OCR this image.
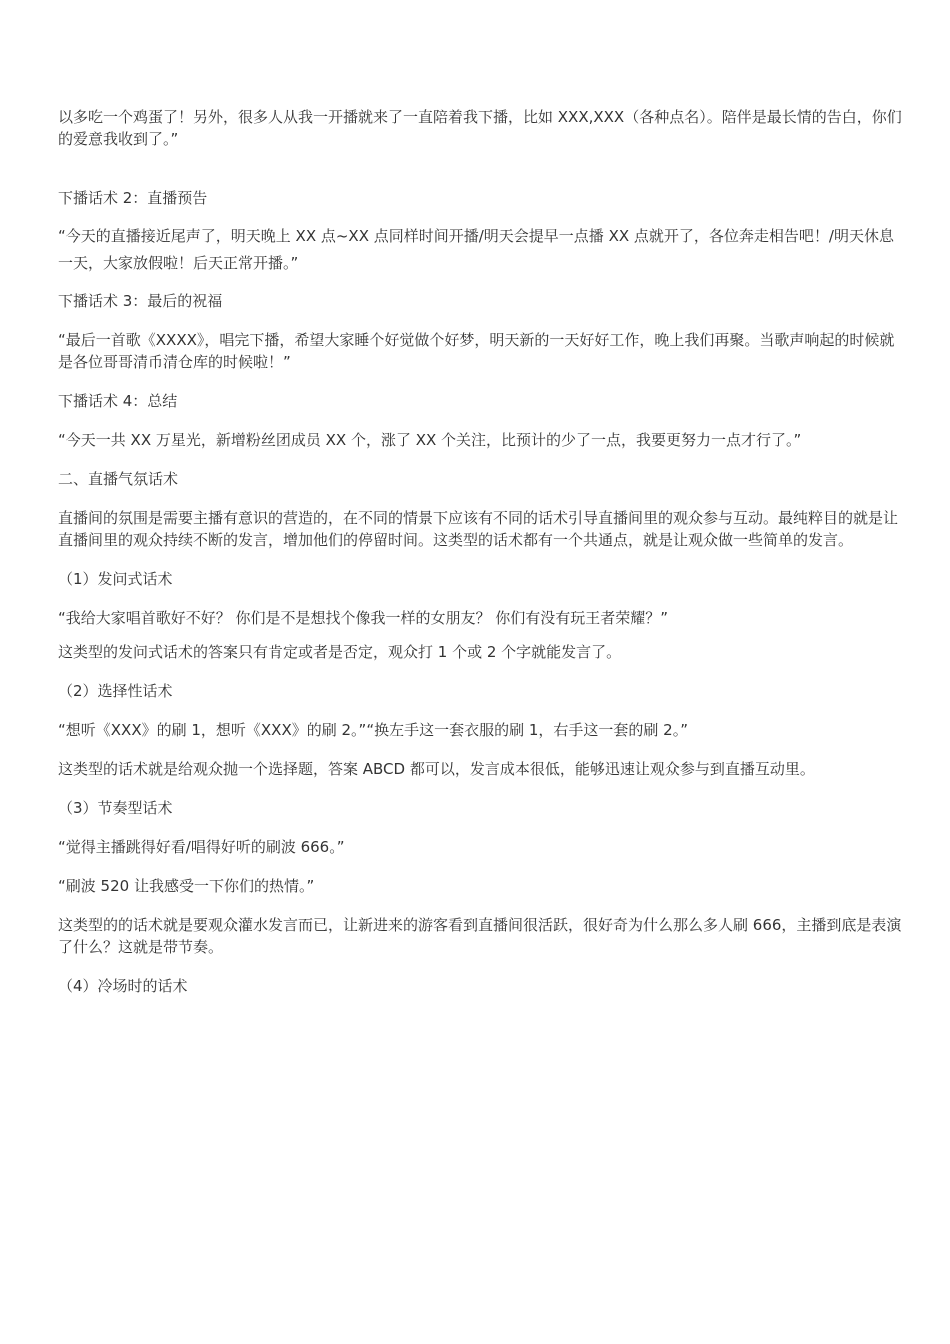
以多吃一个鸡蛋了！另外，很多人从我一开播就来了一直陪着我下播，比如 XXX,XXX（各种点名）。陪伴是最长情的告白，你们的爱意我收到了。”

下播话术 2：直播预告

“今天的直播接近尾声了，明天晚上 XX 点~XX 点同样时间开播/明天会提早一点播 XX 点就开了，各位奔走相告吧！/明天休息一天，大家放假啦！后天正常开播。”

下播话术 3：最后的祝福

“最后一首歌《XXXX》，唱完下播，希望大家睡个好觉做个好梦，明天新的一天好好工作，晚上我们再聚。当歌声响起的时候就是各位哥哥清币清仓库的时候啦！”

下播话术 4：总结

“今天一共 XX 万星光，新增粉丝团成员 XX 个，涨了 XX 个关注，比预计的少了一点，我要更努力一点才行了。”

二、直播气氛话术

直播间的氛围是需要主播有意识的营造的，在不同的情景下应该有不同的话术引导直播间里的观众参与互动。最纯粹目的就是让直播间里的观众持续不断的发言，增加他们的停留时间。这类型的话术都有一个共通点，就是让观众做一些简单的发言。

（1）发问式话术

“我给大家唱首歌好不好？ 你们是不是想找个像我一样的女朋友？ 你们有没有玩王者荣耀？”

这类型的发问式话术的答案只有肯定或者是否定，观众打 1 个或 2 个字就能发言了。

（2）选择性话术

“想听《XXX》的刷 1，想听《XXX》的刷 2。”“换左手这一套衣服的刷 1，右手这一套的刷 2。”

这类型的话术就是给观众抛一个选择题，答案 ABCD 都可以，发言成本很低，能够迅速让观众参与到直播互动里。

（3）节奏型话术

“觉得主播跳得好看/唱得好听的刷波 666。”

“刷波 520 让我感受一下你们的热情。”

这类型的的话术就是要观众灌水发言而已，让新进来的游客看到直播间很活跃，很好奇为什么那么多人刷 666，主播到底是表演了什么？这就是带节奏。

（4）冷场时的话术
